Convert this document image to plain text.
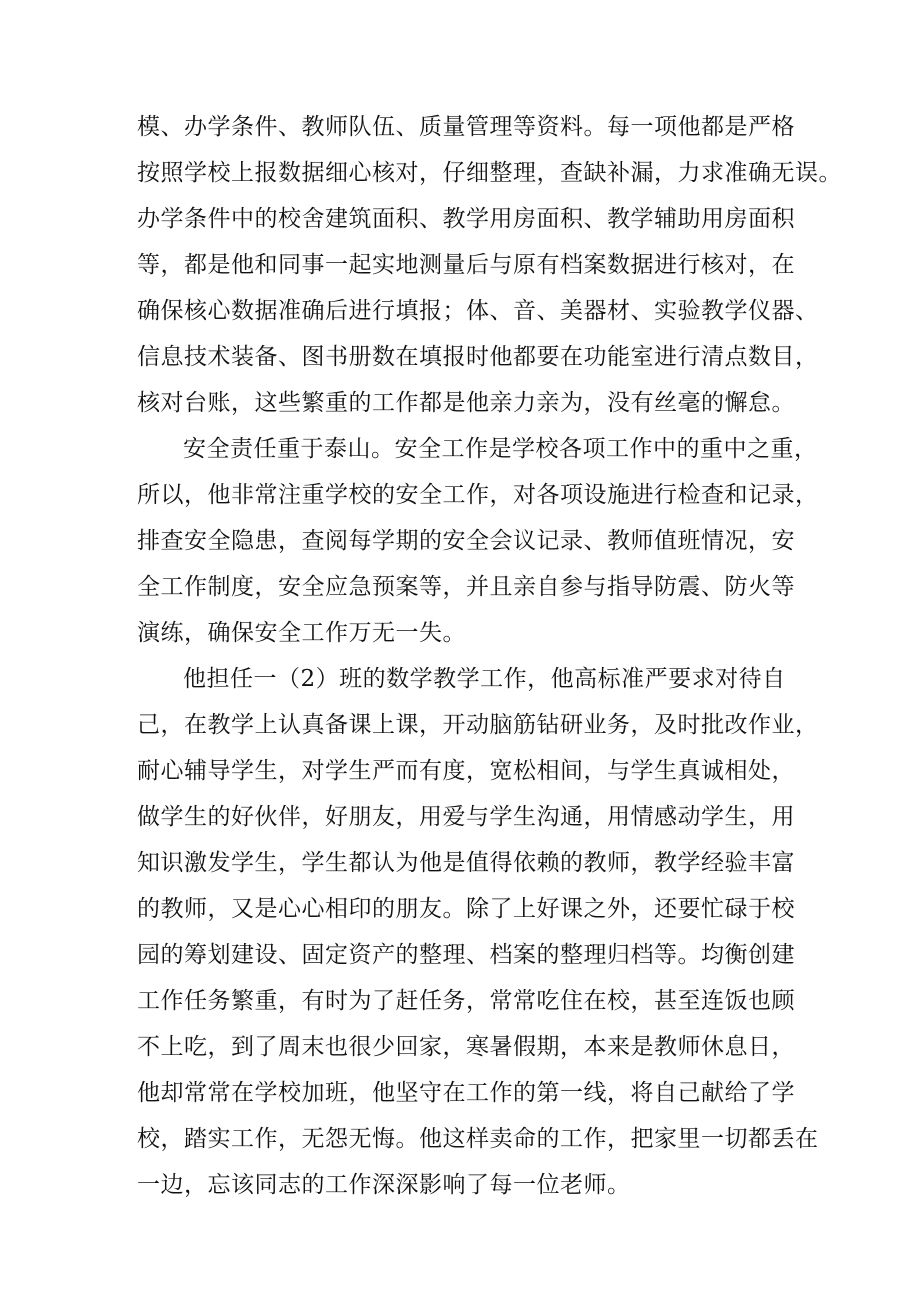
模、办学条件、教师队伍、质量管理等资料。每一项他都是严格

按照学校上报数据细心核对，仔细整理，查缺补漏，力求准确无误。

办学条件中的校舍建筑面积、教学用房面积、教学辅助用房面积

等，都是他和同事一起实地测量后与原有档案数据进行核对，在

确保核心数据准确后进行填报；体、音、美器材、实验教学仪器、

信息技术装备、图书册数在填报时他都要在功能室进行清点数目，

核对台账，这些繁重的工作都是他亲力亲为，没有丝毫的懈怠。

安全责任重于泰山。安全工作是学校各项工作中的重中之重，

所以，他非常注重学校的安全工作，对各项设施进行检查和记录，

排查安全隐患，查阅每学期的安全会议记录、教师值班情况，安

全工作制度，安全应急预案等，并且亲自参与指导防震、防火等

演练，确保安全工作万无一失。

他担任一（2）班的数学教学工作，他高标准严要求对待自

己，在教学上认真备课上课，开动脑筋钻研业务，及时批改作业，

耐心辅导学生，对学生严而有度，宽松相间，与学生真诚相处，

做学生的好伙伴，好朋友，用爱与学生沟通，用情感动学生，用

知识激发学生，学生都认为他是值得依赖的教师，教学经验丰富

的教师，又是心心相印的朋友。除了上好课之外，还要忙碌于校

园的筹划建设、固定资产的整理、档案的整理归档等。均衡创建

工作任务繁重，有时为了赶任务，常常吃住在校，甚至连饭也顾

不上吃，到了周末也很少回家，寒暑假期，本来是教师休息日，

他却常常在学校加班，他坚守在工作的第一线，将自己献给了学

校，踏实工作，无怨无悔。他这样卖命的工作，把家里一切都丢在

一边，忘该同志的工作深深影响了每一位老师。
